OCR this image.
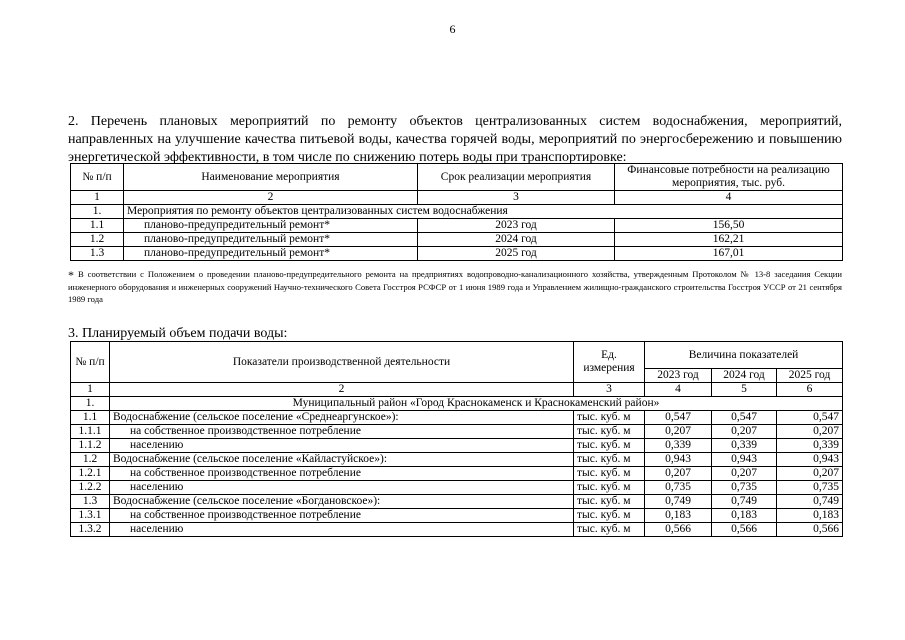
6
2. Перечень плановых мероприятий по ремонту объектов централизованных систем водоснабжения, мероприятий, направленных на улучшение качества питьевой воды, качества горячей воды, мероприятий по энергосбережению и повышению энергетической эффективности, в том числе по снижению потерь воды при транспортировке:
№ п/п	Наименование мероприятия	Срок реализации мероприятия	Финансовые потребности на реализацию мероприятия, тыс. руб.
1	2	3	4
1.	Мероприятия по ремонту объектов централизованных систем водоснабжения		
1.1	планово-предупредительный ремонт*	2023 год	156,50
1.2	планово-предупредительный ремонт*	2024 год	162,21
1.3	планово-предупредительный ремонт*	2025 год	167,01
* В соответствии с Положением о проведении планово-предупредительного ремонта на предприятиях водопроводно-канализационного хозяйства, утвержденным Протоколом № 13-8 заседания Секции инженерного оборудования и инженерных сооружений Научно-технического Совета Госстроя РСФСР от 1 июня 1989 года и Управлением жилищно-гражданского строительства Госстроя УССР от 21 сентября 1989 года
3. Планируемый объем подачи воды:
№ п/п	Показатели производственной деятельности	Ед. измерения	Величина показателей		
			2023 год	2024 год	2025 год
1	2	3	4	5	6
1.	Муниципальный район «Город Краснокаменск и Краснокаменский район»				
1.1	Водоснабжение (сельское поселение «Среднеаргунское»):	тыс. куб. м	0,547	0,547	0,547
1.1.1	на собственное производственное потребление	тыс. куб. м	0,207	0,207	0,207
1.1.2	населению	тыс. куб. м	0,339	0,339	0,339
1.2	Водоснабжение (сельское поселение «Кайластуйское»):	тыс. куб. м	0,943	0,943	0,943
1.2.1	на собственное производственное потребление	тыс. куб. м	0,207	0,207	0,207
1.2.2	населению	тыс. куб. м	0,735	0,735	0,735
1.3	Водоснабжение (сельское поселение «Богдановское»):	тыс. куб. м	0,749	0,749	0,749
1.3.1	на собственное производственное потребление	тыс. куб. м	0,183	0,183	0,183
1.3.2	населению	тыс. куб. м	0,566	0,566	0,566
